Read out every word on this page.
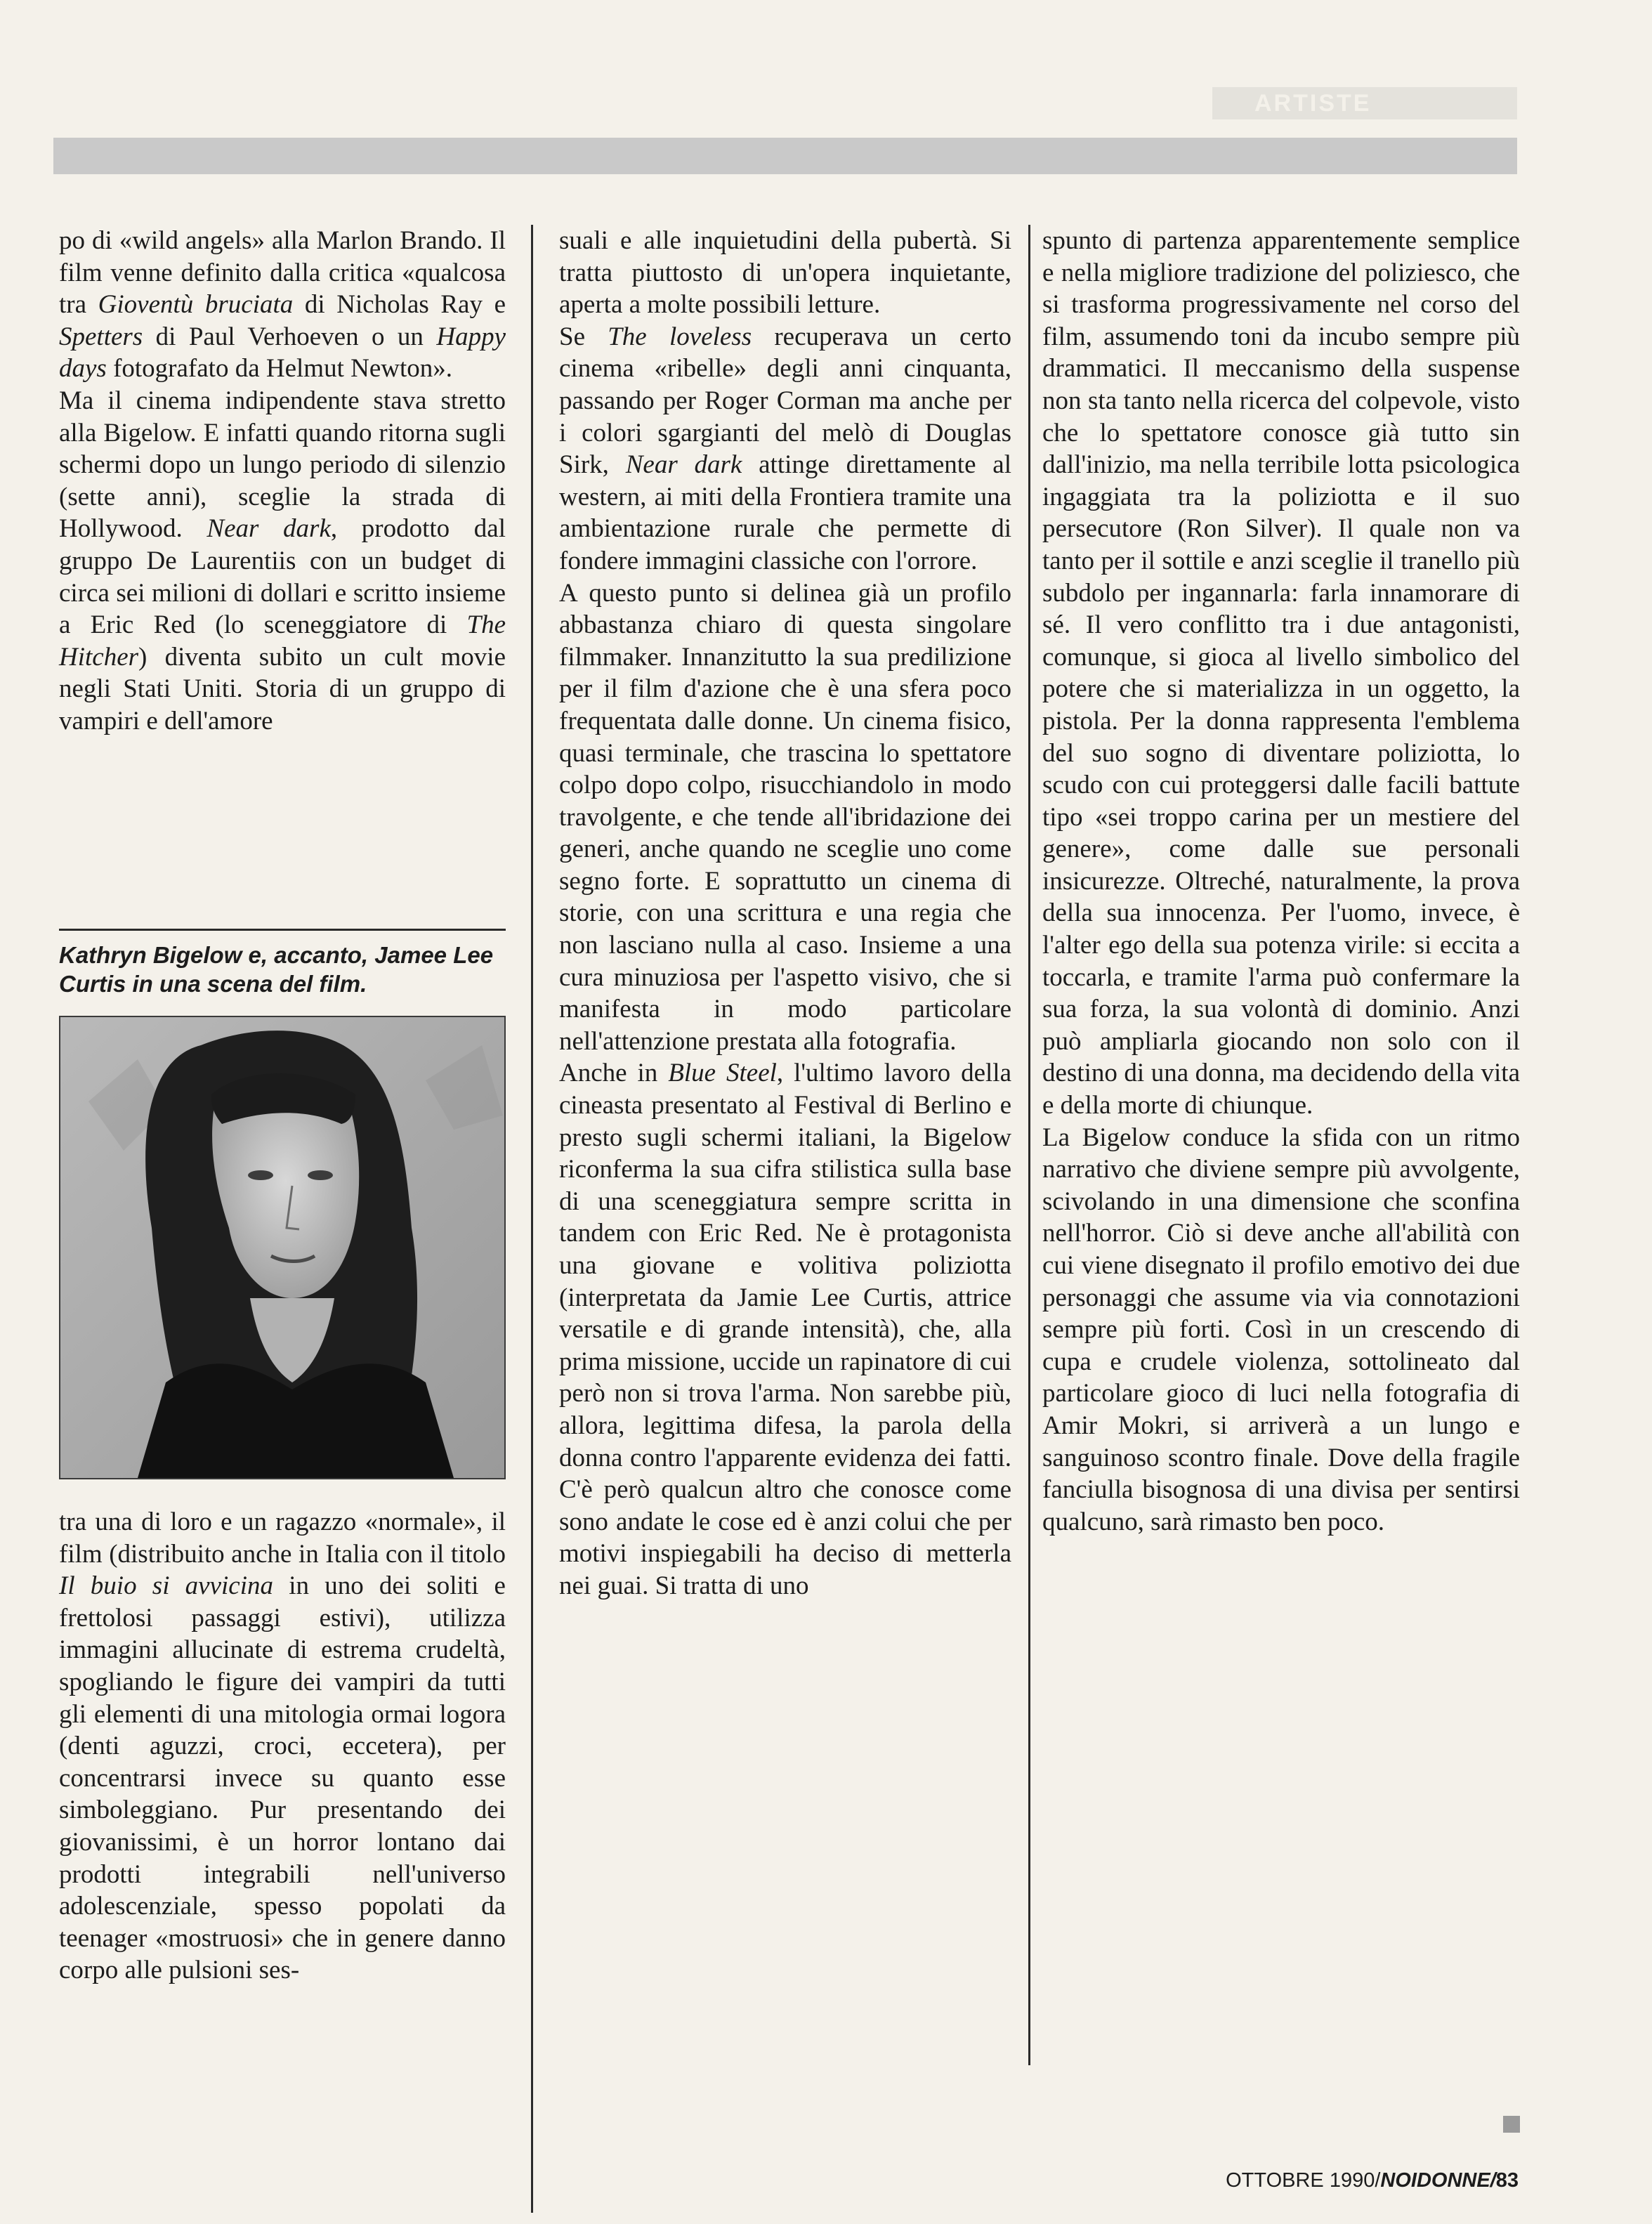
ARTISTE

po di «wild angels» alla Marlon Brando. Il film venne definito dalla critica «qualcosa tra Gioventù bruciata di Nicholas Ray e Spetters di Paul Verhoeven o un Happy days fotografato da Helmut Newton».

Ma il cinema indipendente stava stretto alla Bigelow. E infatti quando ritorna sugli schermi dopo un lungo periodo di silenzio (sette anni), sceglie la strada di Hollywood. Near dark, prodotto dal gruppo De Laurentiis con un budget di circa sei milioni di dollari e scritto insieme a Eric Red (lo sceneggiatore di The Hitcher) diventa subito un cult movie negli Stati Uniti. Storia di un gruppo di vampiri e dell'amore

Kathryn Bigelow e, accanto, Jamee Lee Curtis in una scena del film.

tra una di loro e un ragazzo «normale», il film (distribuito anche in Italia con il titolo Il buio si avvicina in uno dei soliti e frettolosi passaggi estivi), utilizza immagini allucinate di estrema crudeltà, spogliando le figure dei vampiri da tutti gli elementi di una mitologia ormai logora (denti aguzzi, croci, eccetera), per concentrarsi invece su quanto esse simboleggiano. Pur presentando dei giovanissimi, è un horror lontano dai prodotti integrabili nell'universo adolescenziale, spesso popolati da teenager «mostruosi» che in genere danno corpo alle pulsioni ses-

suali e alle inquietudini della pubertà. Si tratta piuttosto di un'opera inquietante, aperta a molte possibili letture.

Se The loveless recuperava un certo cinema «ribelle» degli anni cinquanta, passando per Roger Corman ma anche per i colori sgargianti del melò di Douglas Sirk, Near dark attinge direttamente al western, ai miti della Frontiera tramite una ambientazione rurale che permette di fondere immagini classiche con l'orrore.

A questo punto si delinea già un profilo abbastanza chiaro di questa singolare filmmaker. Innanzitutto la sua predilizione per il film d'azione che è una sfera poco frequentata dalle donne. Un cinema fisico, quasi terminale, che trascina lo spettatore colpo dopo colpo, risucchiandolo in modo travolgente, e che tende all'ibridazione dei generi, anche quando ne sceglie uno come segno forte. E soprattutto un cinema di storie, con una scrittura e una regia che non lasciano nulla al caso. Insieme a una cura minuziosa per l'aspetto visivo, che si manifesta in modo particolare nell'attenzione prestata alla fotografia.

Anche in Blue Steel, l'ultimo lavoro della cineasta presentato al Festival di Berlino e presto sugli schermi italiani, la Bigelow riconferma la sua cifra stilistica sulla base di una sceneggiatura sempre scritta in tandem con Eric Red. Ne è protagonista una giovane e volitiva poliziotta (interpretata da Jamie Lee Curtis, attrice versatile e di grande intensità), che, alla prima missione, uccide un rapinatore di cui però non si trova l'arma. Non sarebbe più, allora, legittima difesa, la parola della donna contro l'apparente evidenza dei fatti. C'è però qualcun altro che conosce come sono andate le cose ed è anzi colui che per motivi inspiegabili ha deciso di metterla nei guai. Si tratta di uno

spunto di partenza apparentemente semplice e nella migliore tradizione del poliziesco, che si trasforma progressivamente nel corso del film, assumendo toni da incubo sempre più drammatici. Il meccanismo della suspense non sta tanto nella ricerca del colpevole, visto che lo spettatore conosce già tutto sin dall'inizio, ma nella terribile lotta psicologica ingaggiata tra la poliziotta e il suo persecutore (Ron Silver). Il quale non va tanto per il sottile e anzi sceglie il tranello più subdolo per ingannarla: farla innamorare di sé. Il vero conflitto tra i due antagonisti, comunque, si gioca al livello simbolico del potere che si materializza in un oggetto, la pistola. Per la donna rappresenta l'emblema del suo sogno di diventare poliziotta, lo scudo con cui proteggersi dalle facili battute tipo «sei troppo carina per un mestiere del genere», come dalle sue personali insicurezze. Oltreché, naturalmente, la prova della sua innocenza. Per l'uomo, invece, è l'alter ego della sua potenza virile: si eccita a toccarla, e tramite l'arma può confermare la sua forza, la sua volontà di dominio. Anzi può ampliarla giocando non solo con il destino di una donna, ma decidendo della vita e della morte di chiunque.

La Bigelow conduce la sfida con un ritmo narrativo che diviene sempre più avvolgente, scivolando in una dimensione che sconfina nell'horror. Ciò si deve anche all'abilità con cui viene disegnato il profilo emotivo dei due personaggi che assume via via connotazioni sempre più forti. Così in un crescendo di cupa e crudele violenza, sottolineato dal particolare gioco di luci nella fotografia di Amir Mokri, si arriverà a un lungo e sanguinoso scontro finale. Dove della fragile fanciulla bisognosa di una divisa per sentirsi qualcuno, sarà rimasto ben poco.

OTTOBRE 1990/NOIDONNE/83
